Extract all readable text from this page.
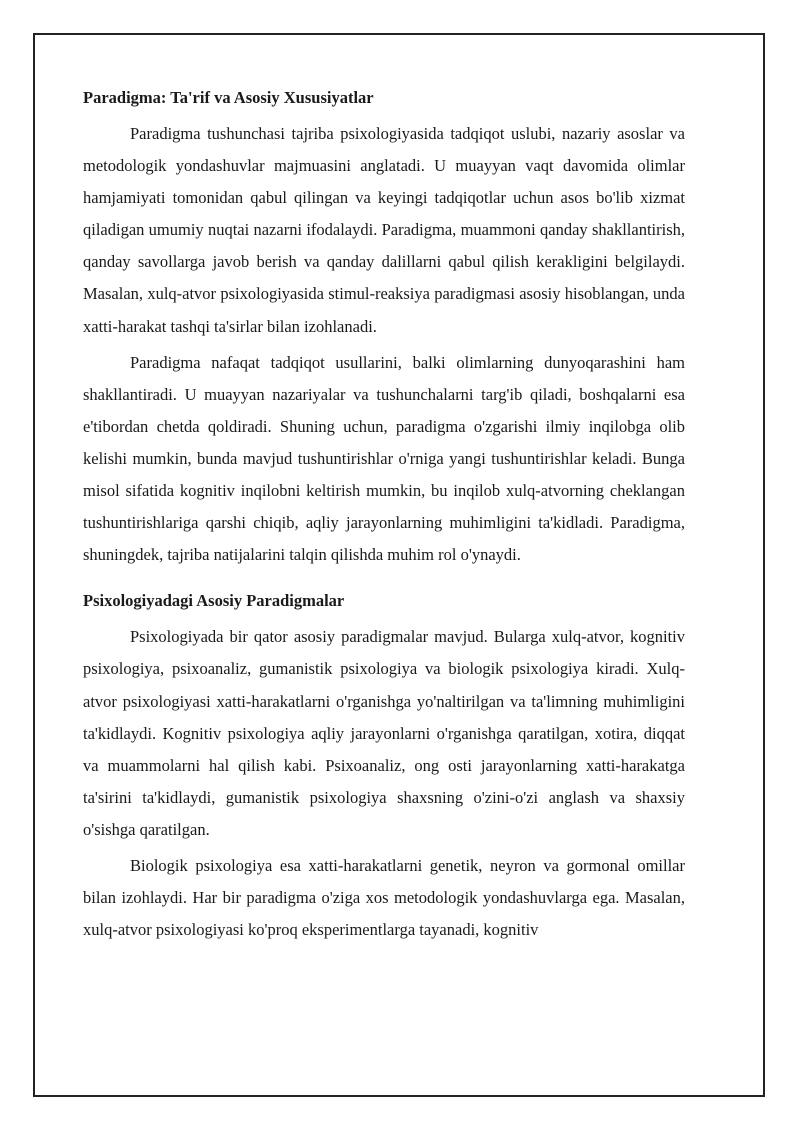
Paradigma: Ta'rif va Asosiy Xususiyatlar

Paradigma tushunchasi tajriba psixologiyasida tadqiqot uslubi, nazariy asoslar va metodologik yondashuvlar majmuasini anglatadi. U muayyan vaqt davomida olimlar hamjamiyati tomonidan qabul qilingan va keyingi tadqiqotlar uchun asos bo'lib xizmat qiladigan umumiy nuqtai nazarni ifodalaydi. Paradigma, muammoni qanday shakllantirish, qanday savollarga javob berish va qanday dalillarni qabul qilish kerakligini belgilaydi. Masalan, xulq-atvor psixologiyasida stimul-reaksiya paradigmasi asosiy hisoblangan, unda xatti-harakat tashqi ta'sirlar bilan izohlanadi.

Paradigma nafaqat tadqiqot usullarini, balki olimlarning dunyoqarashini ham shakllantiradi. U muayyan nazariyalar va tushunchalarni targ'ib qiladi, boshqalarni esa e'tibordan chetda qoldiradi. Shuning uchun, paradigma o'zgarishi ilmiy inqilobga olib kelishi mumkin, bunda mavjud tushuntirishlar o'rniga yangi tushuntirishlar keladi. Bunga misol sifatida kognitiv inqilobni keltirish mumkin, bu inqilob xulq-atvorning cheklangan tushuntirishlariga qarshi chiqib, aqliy jarayonlarning muhimligini ta'kidladi. Paradigma, shuningdek, tajriba natijalarini talqin qilishda muhim rol o'ynaydi.

Psixologiyadagi Asosiy Paradigmalar

Psixologiyada bir qator asosiy paradigmalar mavjud. Bularga xulq-atvor, kognitiv psixologiya, psixoanaliz, gumanistik psixologiya va biologik psixologiya kiradi. Xulq-atvor psixologiyasi xatti-harakatlarni o'rganishga yo'naltirilgan va ta'limning muhimligini ta'kidlaydi. Kognitiv psixologiya aqliy jarayonlarni o'rganishga qaratilgan, xotira, diqqat va muammolarni hal qilish kabi. Psixoanaliz, ong osti jarayonlarning xatti-harakatga ta'sirini ta'kidlaydi, gumanistik psixologiya shaxsning o'zini-o'zi anglash va shaxsiy o'sishga qaratilgan.

Biologik psixologiya esa xatti-harakatlarni genetik, neyron va gormonal omillar bilan izohlaydi. Har bir paradigma o'ziga xos metodologik yondashuvlarga ega. Masalan, xulq-atvor psixologiyasi ko'proq eksperimentlarga tayanadi, kognitiv
